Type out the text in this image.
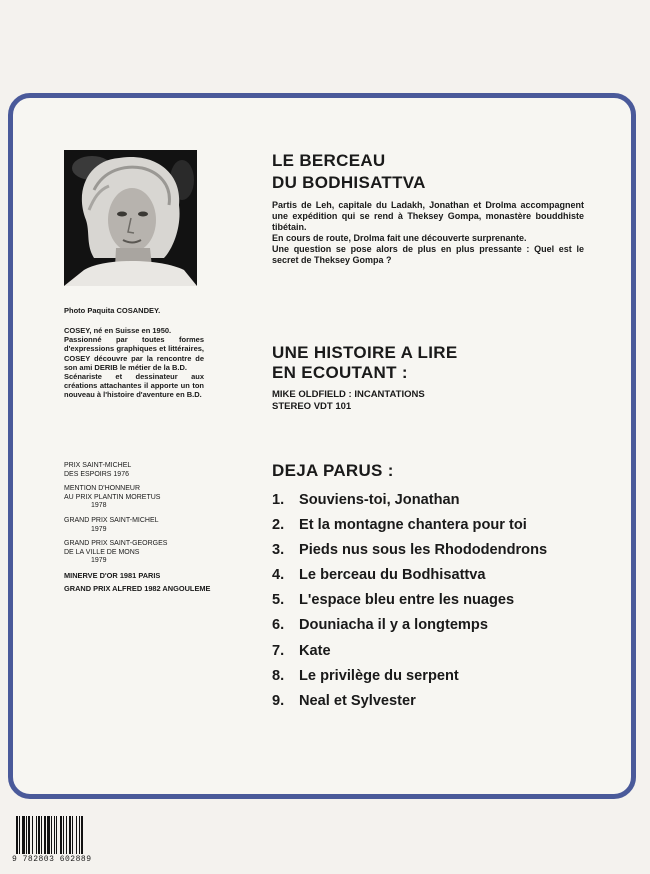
Photo Paquita COSANDEY.
COSEY, né en Suisse en 1950.
Passionné par toutes formes d'expressions graphiques et littéraires, COSEY découvre par la rencontre de son ami DERIB le métier de la B.D.
Scénariste et dessinateur aux créations attachantes il apporte un ton nouveau à l'histoire d'aventure en B.D.
PRIX SAINT-MICHEL
DES ESPOIRS 1976
MENTION D'HONNEUR
AU PRIX PLANTIN MORETUS
1978
GRAND PRIX SAINT-MICHEL
1979
GRAND PRIX SAINT-GEORGES
DE LA VILLE DE MONS
1979
MINERVE D'OR 1981 PARIS
GRAND PRIX ALFRED 1982 ANGOULEME
LE BERCEAU
DU BODHISATTVA
Partis de Leh, capitale du Ladakh, Jonathan et Drolma accompagnent une expédition qui se rend à Theksey Gompa, monastère bouddhiste tibétain.
En cours de route, Drolma fait une découverte surprenante.
Une question se pose alors de plus en plus pressante : Quel est le secret de Theksey Gompa ?
UNE HISTOIRE A LIRE
EN ECOUTANT :
MIKE OLDFIELD : INCANTATIONS
STEREO VDT 101
DEJA PARUS :
1. Souviens-toi, Jonathan
2. Et la montagne chantera pour toi
3. Pieds nus sous les Rhododendrons
4. Le berceau du Bodhisattva
5. L'espace bleu entre les nuages
6. Douniacha il y a longtemps
7. Kate
8. Le privilège du serpent
9. Neal et Sylvester
9 782803 602889
